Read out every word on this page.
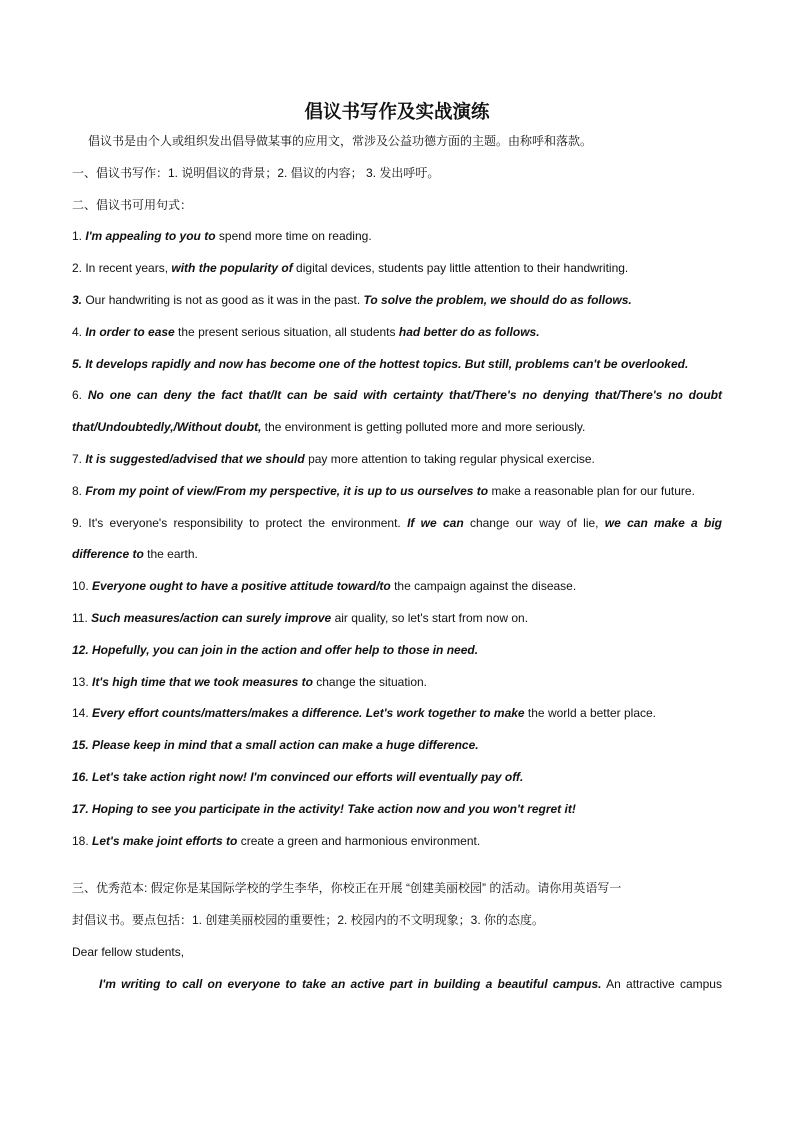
倡议书写作及实战演练

倡议书是由个人或组织发出倡导做某事的应用文，常涉及公益功德方面的主题。由称呼和落款。

一、倡议书写作：1. 说明倡议的背景；2. 倡议的内容； 3. 发出呼吁。

二、倡议书可用句式：

1. I'm appealing to you to spend more time on reading.

2. In recent years, with the popularity of digital devices, students pay little attention to their handwriting.

3. Our handwriting is not as good as it was in the past. To solve the problem, we should do as follows.

4. In order to ease the present serious situation, all students had better do as follows.

5. It develops rapidly and now has become one of the hottest topics. But still, problems can't be overlooked.

6. No one can deny the fact that/It can be said with certainty that/There's no denying that/There's no doubt

that/Undoubtedly,/Without doubt, the environment is getting polluted more and more seriously.

7. It is suggested/advised that we should pay more attention to taking regular physical exercise.

8. From my point of view/From my perspective, it is up to us ourselves to make a reasonable plan for our future.

9. It's everyone's responsibility to protect the environment. If we can change our way of lie, we can make a big

difference to the earth.

10. Everyone ought to have a positive attitude toward/to the campaign against the disease.

11. Such measures/action can surely improve air quality, so let's start from now on.

12. Hopefully, you can join in the action and offer help to those in need.

13. It's high time that we took measures to change the situation.

14. Every effort counts/matters/makes a difference. Let's work together to make the world a better place.

15. Please keep in mind that a small action can make a huge difference.

16. Let's take action right now! I'm convinced our efforts will eventually pay off.

17. Hoping to see you participate in the activity! Take action now and you won't regret it!

18. Let's make joint efforts to create a green and harmonious environment.

三、优秀范本: 假定你是某国际学校的学生李华，你校正在开展 “创建美丽校园” 的活动。请你用英语写一

封倡议书。要点包括：1. 创建美丽校园的重要性；2. 校园内的不文明现象；3. 你的态度。

Dear fellow students,

I'm writing to call on everyone to take an active part in building a beautiful campus. An attractive campus
